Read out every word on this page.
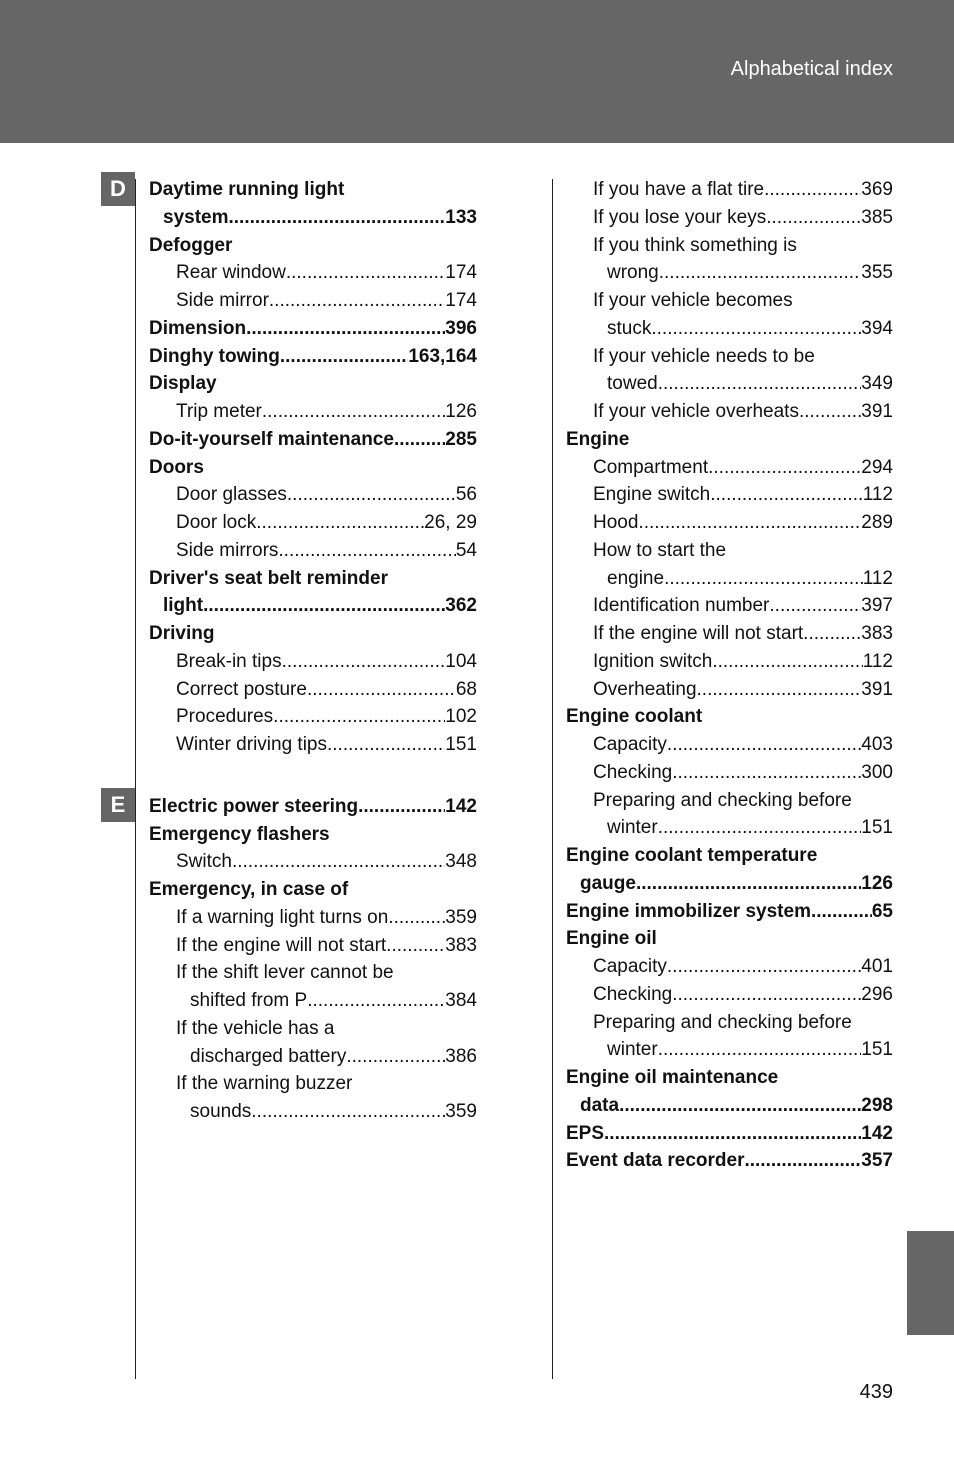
Alphabetical index
D
E
Daytime running light
system .....	133
Defogger
Rear window .....	174
Side mirror .....	174
Dimension .....	396
Dinghy towing .....	163,164
Display
Trip meter .....	126
Do-it-yourself maintenance .....	285
Doors
Door glasses .....	56
Door lock .....	26, 29
Side mirrors .....	54
Driver's seat belt reminder
light .....	362
Driving
Break-in tips .....	104
Correct posture .....	68
Procedures .....	102
Winter driving tips .....	151
Electric power steering .....	142
Emergency flashers
Switch .....	348
Emergency, in case of
If a warning light turns on .....	359
If the engine will not start .....	383
If the shift lever cannot be
shifted from P .....	384
If the vehicle has a
discharged battery .....	386
If the warning buzzer
sounds .....	359
If you have a flat tire .....	369
If you lose your keys .....	385
If you think something is
wrong .....	355
If your vehicle becomes
stuck .....	394
If your vehicle needs to be
towed .....	349
If your vehicle overheats .....	391
Engine
Compartment .....	294
Engine switch .....	112
Hood .....	289
How to start the
engine .....	112
Identification number .....	397
If the engine will not start .....	383
Ignition switch .....	112
Overheating .....	391
Engine coolant
Capacity .....	403
Checking .....	300
Preparing and checking before
winter .....	151
Engine coolant temperature
gauge .....	126
Engine immobilizer system .....	65
Engine oil
Capacity .....	401
Checking .....	296
Preparing and checking before
winter .....	151
Engine oil maintenance
data .....	298
EPS .....	142
Event data recorder .....	357
439
